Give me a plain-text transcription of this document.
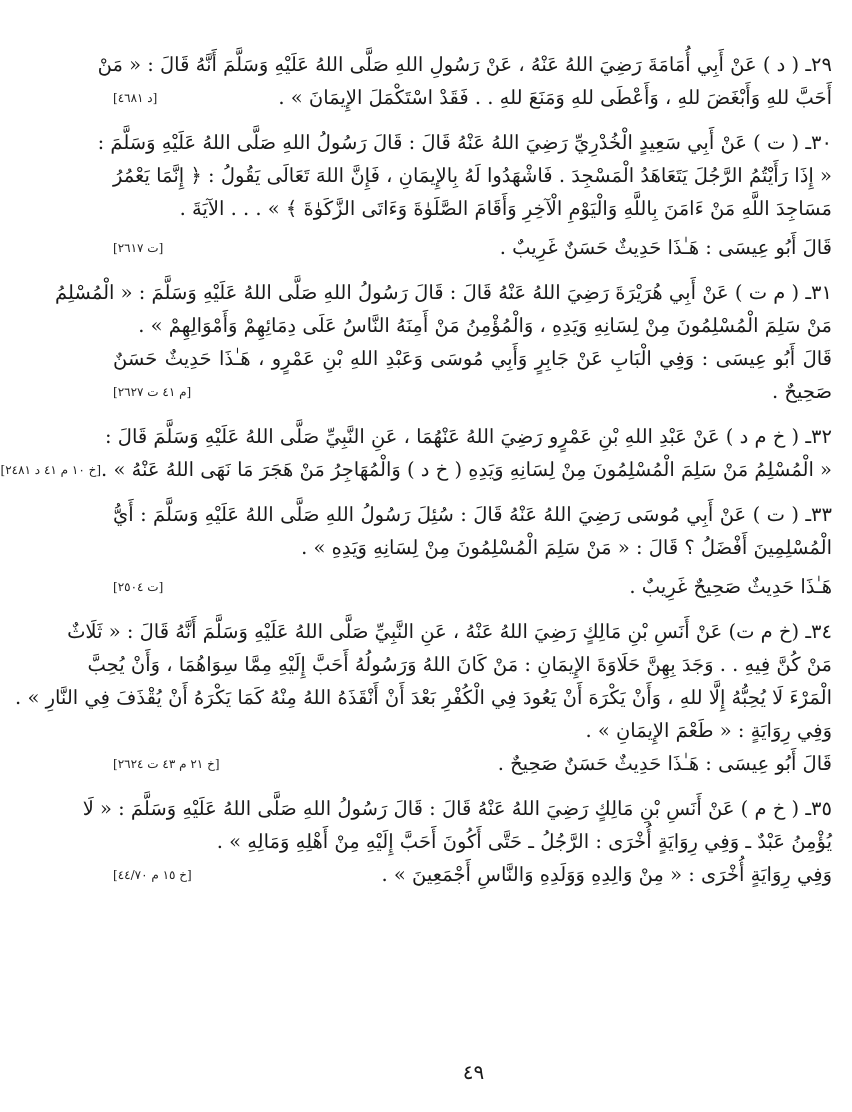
٢٩ـ ( د ) عَنْ أَبِي أُمَامَةَ رَضِيَ اللهُ عَنْهُ ، عَنْ رَسُولِ اللهِ صَلَّى اللهُ عَلَيْهِ وَسَلَّمَ أَنَّهُ قَالَ : « مَنْ
أَحَبَّ للهِ وَأَبْغَضَ للهِ ، وَأَعْطَى للهِ وَمَنَعَ للهِ . . فَقَدْ اسْتَكْمَلَ الإِيمَانَ » .
[د ٤٦٨١]
٣٠ـ ( ت ) عَنْ أَبِي سَعِيدٍ الْخُدْرِيِّ رَضِيَ اللهُ عَنْهُ قَالَ : قَالَ رَسُولُ اللهِ صَلَّى اللهُ عَلَيْهِ وَسَلَّمَ :
« إِذَا رَأَيْتُمُ الرَّجُلَ يَتَعَاهَدُ الْمَسْجِدَ . فَاشْهَدُوا لَهُ بِالإِيمَانِ ، فَإِنَّ اللهَ تَعَالَى يَقُولُ : ﴿ إِنَّمَا يَعْمُرُ
مَسَاجِدَ اللَّهِ مَنْ ءَامَنَ بِاللَّهِ وَالْيَوْمِ الْآخِرِ وَأَقَامَ الصَّلَوٰةَ وَءَاتَى الزَّكَوٰةَ ﴾ » . . . الآيَةَ .
قَالَ أَبُو عِيسَى : هَـٰذَا حَدِيثٌ حَسَنٌ غَرِيبٌ .
[ت ٢٦١٧]
٣١ـ ( م ت ) عَنْ أَبِي هُرَيْرَةَ رَضِيَ اللهُ عَنْهُ قَالَ : قَالَ رَسُولُ اللهِ صَلَّى اللهُ عَلَيْهِ وَسَلَّمَ : « الْمُسْلِمُ
مَنْ سَلِمَ الْمُسْلِمُونَ مِنْ لِسَانِهِ وَيَدِهِ ، وَالْمُؤْمِنُ مَنْ أَمِنَهُ النَّاسُ عَلَى دِمَائِهِمْ وَأَمْوَالِهِمْ » .
قَالَ أَبُو عِيسَى : وَفِي الْبَابِ عَنْ جَابِرٍ وَأَبِي مُوسَى وَعَبْدِ اللهِ بْنِ عَمْرٍو ، هَـٰذَا حَدِيثٌ حَسَنٌ
صَحِيحٌ .
[م ٤١ ت ٢٦٢٧]
٣٢ـ ( خ م د ) عَنْ عَبْدِ اللهِ بْنِ عَمْرٍو رَضِيَ اللهُ عَنْهُمَا ، عَنِ النَّبِيِّ صَلَّى اللهُ عَلَيْهِ وَسَلَّمَ قَالَ :
« الْمُسْلِمُ مَنْ سَلِمَ الْمُسْلِمُونَ مِنْ لِسَانِهِ وَيَدِهِ ( خ د ) وَالْمُهَاجِرُ مَنْ هَجَرَ مَا نَهَى اللهُ عَنْهُ » .
[خ ١٠ م ٤١ د ٢٤٨١]
٣٣ـ ( ت ) عَنْ أَبِي مُوسَى رَضِيَ اللهُ عَنْهُ قَالَ : سُئِلَ رَسُولُ اللهِ صَلَّى اللهُ عَلَيْهِ وَسَلَّمَ : أَيُّ
الْمُسْلِمِينَ أَفْضَلُ ؟ قَالَ : « مَنْ سَلِمَ الْمُسْلِمُونَ مِنْ لِسَانِهِ وَيَدِهِ » .
هَـٰذَا حَدِيثٌ صَحِيحٌ غَرِيبٌ .
[ت ٢٥٠٤]
٣٤ـ (خ م ت) عَنْ أَنَسِ بْنِ مَالِكٍ رَضِيَ اللهُ عَنْهُ ، عَنِ النَّبِيِّ صَلَّى اللهُ عَلَيْهِ وَسَلَّمَ أَنَّهُ قَالَ : « ثَلَاثٌ
مَنْ كُنَّ فِيهِ . . وَجَدَ بِهِنَّ حَلَاوَةَ الإِيمَانِ : مَنْ كَانَ اللهُ وَرَسُولُهُ أَحَبَّ إِلَيْهِ مِمَّا سِوَاهُمَا ، وَأَنْ يُحِبَّ
الْمَرْءَ لَا يُحِبُّهُ إِلَّا للهِ ، وَأَنْ يَكْرَهَ أَنْ يَعُودَ فِي الْكُفْرِ بَعْدَ أَنْ أَنْقَذَهُ اللهُ مِنْهُ كَمَا يَكْرَهُ أَنْ يُقْذَفَ فِي النَّارِ » .
وَفِي رِوَايَةٍ : « طَعْمَ الإِيمَانِ » .
قَالَ أَبُو عِيسَى : هَـٰذَا حَدِيثٌ حَسَنٌ صَحِيحٌ .
[خ ٢١ م ٤٣ ت ٢٦٢٤]
٣٥ـ ( خ م ) عَنْ أَنَسِ بْنِ مَالِكٍ رَضِيَ اللهُ عَنْهُ قَالَ : قَالَ رَسُولُ اللهِ صَلَّى اللهُ عَلَيْهِ وَسَلَّمَ : « لَا
يُؤْمِنُ عَبْدٌ ـ وَفِي رِوَايَةٍ أُخْرَى : الرَّجُلُ ـ حَتَّى أَكُونَ أَحَبَّ إِلَيْهِ مِنْ أَهْلِهِ وَمَالِهِ » .
وَفِي رِوَايَةٍ أُخْرَى : « مِنْ وَالِدِهِ وَوَلَدِهِ وَالنَّاسِ أَجْمَعِينَ » .
[خ ١٥ م ٤٤/٧٠]
٤٩
